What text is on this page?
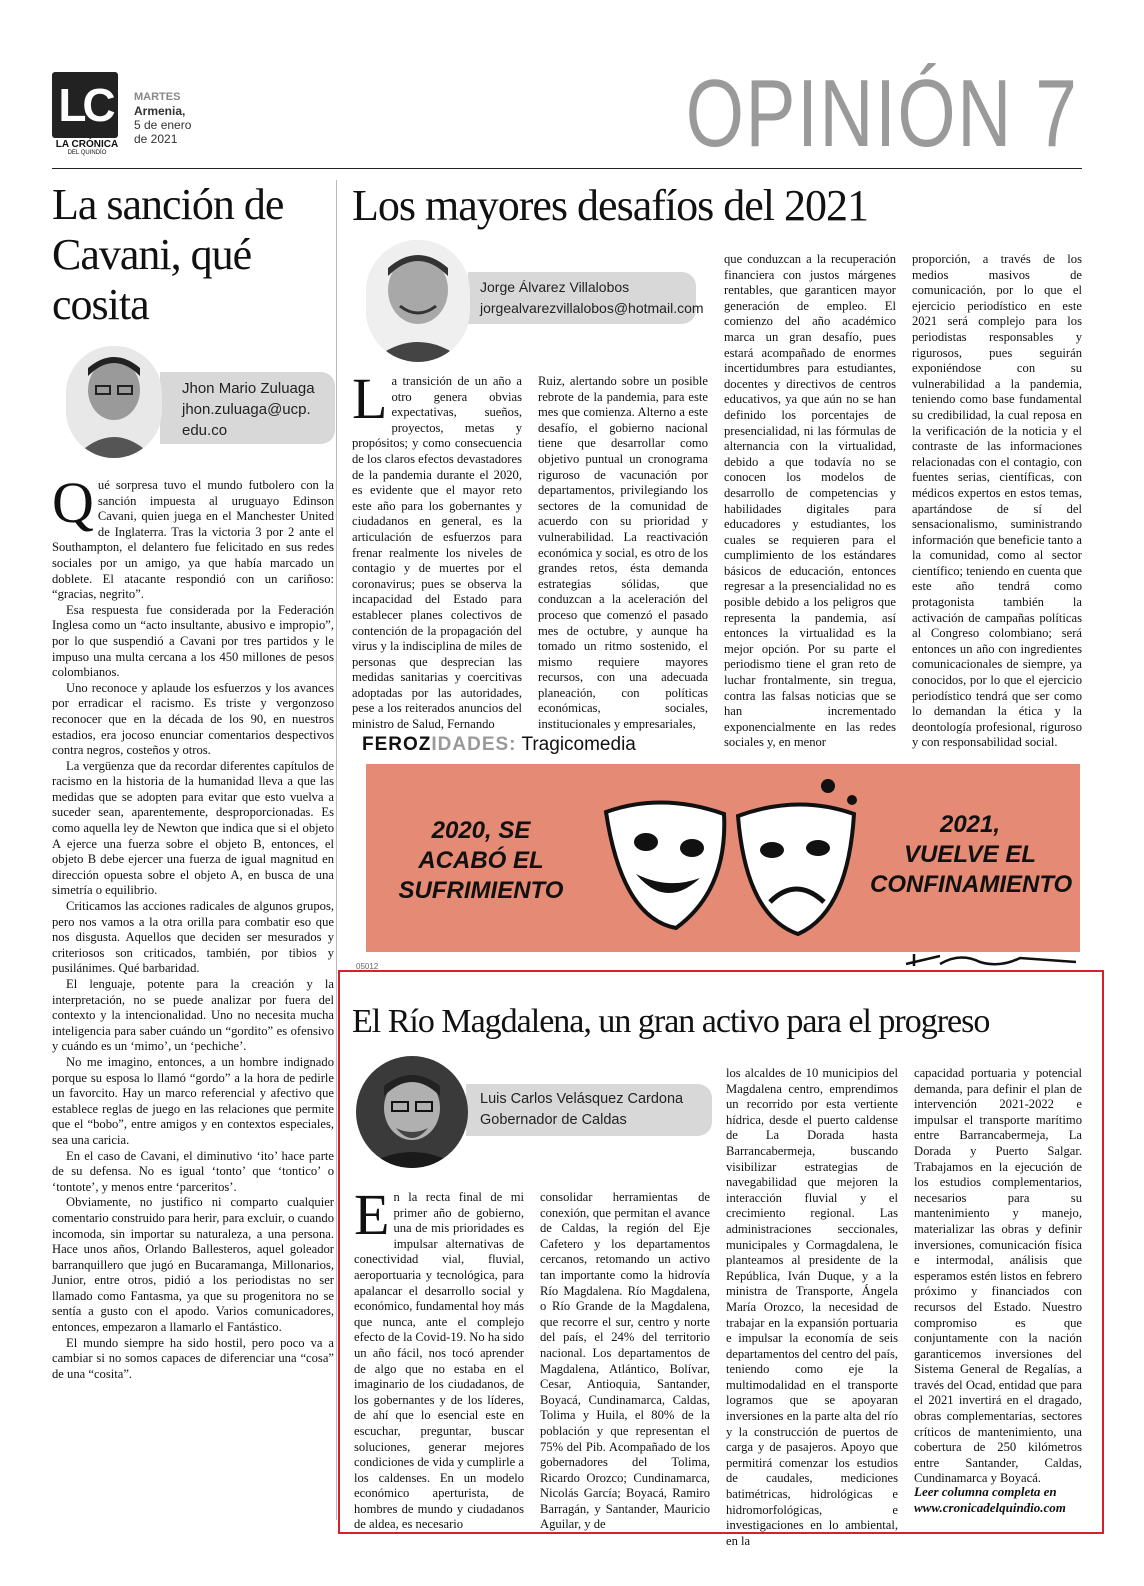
LC
LA CRÓNICA
DEL QUINDÍO
MARTES
Armenia,
5 de enero
de 2021	OPINIÓN 7
La sanción de Cavani, qué cosita
Jhon Mario Zuluaga
jhon.zuluaga@ucp.
edu.co

Qué sorpresa tuvo el mundo futbolero con la sanción impuesta al uruguayo Edinson Cavani, quien juega en el Manchester United de Inglaterra. Tras la victoria 3 por 2 ante el Southampton, el delantero fue felicitado en sus redes sociales por un amigo, ya que había marcado un doblete. El atacante respondió con un cariñoso: “gracias, negrito”.

Esa respuesta fue considerada por la Federación Inglesa como un “acto insultante, abusivo e impropio”, por lo que suspendió a Cavani por tres partidos y le impuso una multa cercana a los 450 millones de pesos colombianos.

Uno reconoce y aplaude los esfuerzos y los avances por erradicar el racismo. Es triste y vergonzoso reconocer que en la década de los 90, en nuestros estadios, era jocoso enunciar comentarios despectivos contra negros, costeños y otros.

La vergüenza que da recordar diferentes capítulos de racismo en la historia de la humanidad lleva a que las medidas que se adopten para evitar que esto vuelva a suceder sean, aparentemente, desproporcionadas. Es como aquella ley de Newton que indica que si el objeto A ejerce una fuerza sobre el objeto B, entonces, el objeto B debe ejercer una fuerza de igual magnitud en dirección opuesta sobre el objeto A, en busca de una simetría o equilibrio.

Criticamos las acciones radicales de algunos grupos, pero nos vamos a la otra orilla para combatir eso que nos disgusta. Aquellos que deciden ser mesurados y criteriosos son criticados, también, por tibios y pusilánimes. Qué barbaridad.

El lenguaje, potente para la creación y la interpretación, no se puede analizar por fuera del contexto y la intencionalidad. Uno no necesita mucha inteligencia para saber cuándo un “gordito” es ofensivo y cuándo es un ‘mimo’, un ‘pechiche’.

No me imagino, entonces, a un hombre indignado porque su esposa lo llamó “gordo” a la hora de pedirle un favorcito. Hay un marco referencial y afectivo que establece reglas de juego en las relaciones que permite que el “bobo”, entre amigos y en contextos especiales, sea una caricia.

En el caso de Cavani, el diminutivo ‘ito’ hace parte de su defensa. No es igual ‘tonto’ que ‘tontico’ o ‘tontote’, y menos entre ‘parceritos’.

Obviamente, no justifico ni comparto cualquier comentario construido para herir, para excluir, o cuando incomoda, sin importar su naturaleza, a una persona. Hace unos años, Orlando Ballesteros, aquel goleador barranquillero que jugó en Bucaramanga, Millonarios, Junior, entre otros, pidió a los periodistas no ser llamado como Fantasma, ya que su progenitora no se sentía a gusto con el apodo. Varios comunicadores, entonces, empezaron a llamarlo el Fantástico.

El mundo siempre ha sido hostil, pero poco va a cambiar si no somos capaces de diferenciar una “cosa” de una “cosita”.

Los mayores desafíos del 2021
Jorge Álvarez Villalobos
jorgealvarezvillalobos@hotmail.com

La transición de un año a otro genera obvias expectativas, sueños, proyectos, metas y propósitos; y como consecuencia de los claros efectos devastadores de la pandemia durante el 2020, es evidente que el mayor reto este año para los gobernantes y ciudadanos en general, es la articulación de esfuerzos para frenar realmente los niveles de contagio y de muertes por el coronavirus; pues se observa la incapacidad del Estado para establecer planes colectivos de contención de la propagación del virus y la indisciplina de miles de personas que desprecian las medidas sanitarias y coercitivas adoptadas por las autoridades, pese a los reiterados anuncios del ministro de Salud, Fernando

Ruiz, alertando sobre un posible rebrote de la pandemia, para este mes que comienza. Alterno a este desafío, el gobierno nacional tiene que desarrollar como objetivo puntual un cronograma riguroso de vacunación por departamentos, privilegiando los sectores de la comunidad de acuerdo con su prioridad y vulnerabilidad. La reactivación económica y social, es otro de los grandes retos, ésta demanda estrategias sólidas, que conduzcan a la aceleración del proceso que comenzó el pasado mes de octubre, y aunque ha tomado un ritmo sostenido, el mismo requiere mayores recursos, con una adecuada planeación, con políticas económicas, sociales, institucionales y empresariales,

que conduzcan a la recuperación financiera con justos márgenes rentables, que garanticen mayor generación de empleo. El comienzo del año académico marca un gran desafío, pues estará acompañado de enormes incertidumbres para estudiantes, docentes y directivos de centros educativos, ya que aún no se han definido los porcentajes de presencialidad, ni las fórmulas de alternancia con la virtualidad, debido a que todavía no se conocen los modelos de desarrollo de competencias y habilidades digitales para educadores y estudiantes, los cuales se requieren para el cumplimiento de los estándares básicos de educación, entonces regresar a la presencialidad no es posible debido a los peligros que representa la pandemia, así entonces la virtualidad es la mejor opción. Por su parte el periodismo tiene el gran reto de luchar frontalmente, sin tregua, contra las falsas noticias que se han incrementado exponencialmente en las redes sociales y, en menor

proporción, a través de los medios masivos de comunicación, por lo que el ejercicio periodístico en este 2021 será complejo para los periodistas responsables y rigurosos, pues seguirán exponiéndose con su vulnerabilidad a la pandemia, teniendo como base fundamental su credibilidad, la cual reposa en la verificación de la noticia y el contraste de las informaciones relacionadas con el contagio, con fuentes serias, científicas, con médicos expertos en estos temas, apartándose de sí del sensacionalismo, suministrando información que beneficie tanto a la comunidad, como al sector científico; teniendo en cuenta que este año tendrá como protagonista también la activación de campañas políticas al Congreso colombiano; será entonces un año con ingredientes comunicacionales de siempre, ya conocidos, por lo que el ejercicio periodístico tendrá que ser como lo demandan la ética y la deontología profesional, riguroso y con responsabilidad social.

FEROZIDADES: Tragicomedia
2020, SE
ACABÓ EL
SUFRIMIENTO
2021,
VUELVE EL
CONFINAMIENTO
05012
El Río Magdalena, un gran activo para el progreso
Luis Carlos Velásquez Cardona
Gobernador de Caldas

En la recta final de mi primer año de gobierno, una de mis prioridades es impulsar alternativas de conectividad vial, fluvial, aeroportuaria y tecnológica, para apalancar el desarrollo social y económico, fundamental hoy más que nunca, ante el complejo efecto de la Covid-19. No ha sido un año fácil, nos tocó aprender de algo que no estaba en el imaginario de los ciudadanos, de los gobernantes y de los líderes, de ahí que lo esencial este en escuchar, preguntar, buscar soluciones, generar mejores condiciones de vida y cumplirle a los caldenses. En un modelo económico aperturista, de hombres de mundo y ciudadanos de aldea, es necesario

consolidar herramientas de conexión, que permitan el avance de Caldas, la región del Eje Cafetero y los departamentos cercanos, retomando un activo tan importante como la hidrovía Río Magdalena. Río Magdalena, o Río Grande de la Magdalena, que recorre el sur, centro y norte del país, el 24% del territorio nacional. Los departamentos de Magdalena, Atlántico, Bolívar, Cesar, Antioquia, Santander, Boyacá, Cundinamarca, Caldas, Tolima y Huila, el 80% de la población y que representan el 75% del Pib. Acompañado de los gobernadores del Tolima, Ricardo Orozco; Cundinamarca, Nicolás García; Boyacá, Ramiro Barragán, y Santander, Mauricio Aguilar, y de

los alcaldes de 10 municipios del Magdalena centro, emprendimos un recorrido por esta vertiente hídrica, desde el puerto caldense de La Dorada hasta Barrancabermeja, buscando visibilizar estrategias de navegabilidad que mejoren la interacción fluvial y el crecimiento regional. Las administraciones seccionales, municipales y Cormagdalena, le planteamos al presidente de la República, Iván Duque, y a la ministra de Transporte, Ángela María Orozco, la necesidad de trabajar en la expansión portuaria e impulsar la economía de seis departamentos del centro del país, teniendo como eje la multimodalidad en el transporte logramos que se apoyaran inversiones en la parte alta del río y la construcción de puertos de carga y de pasajeros. Apoyo que permitirá comenzar los estudios de caudales, mediciones batimétricas, hidrológicas e hidromorfológicas, e investigaciones en lo ambiental, en la

capacidad portuaria y potencial demanda, para definir el plan de intervención 2021-2022 e impulsar el transporte marítimo entre Barrancabermeja, La Dorada y Puerto Salgar. Trabajamos en la ejecución de los estudios complementarios, necesarios para su mantenimiento y manejo, materializar las obras y definir inversiones, comunicación física e intermodal, análisis que esperamos estén listos en febrero próximo y financiados con recursos del Estado. Nuestro compromiso es que conjuntamente con la nación garanticemos inversiones del Sistema General de Regalías, a través del Ocad, entidad que para el 2021 invertirá en el dragado, obras complementarias, sectores críticos de mantenimiento, una cobertura de 250 kilómetros entre Santander, Caldas, Cundinamarca y Boyacá.

Leer columna completa en
www.cronicadelquindio.com
